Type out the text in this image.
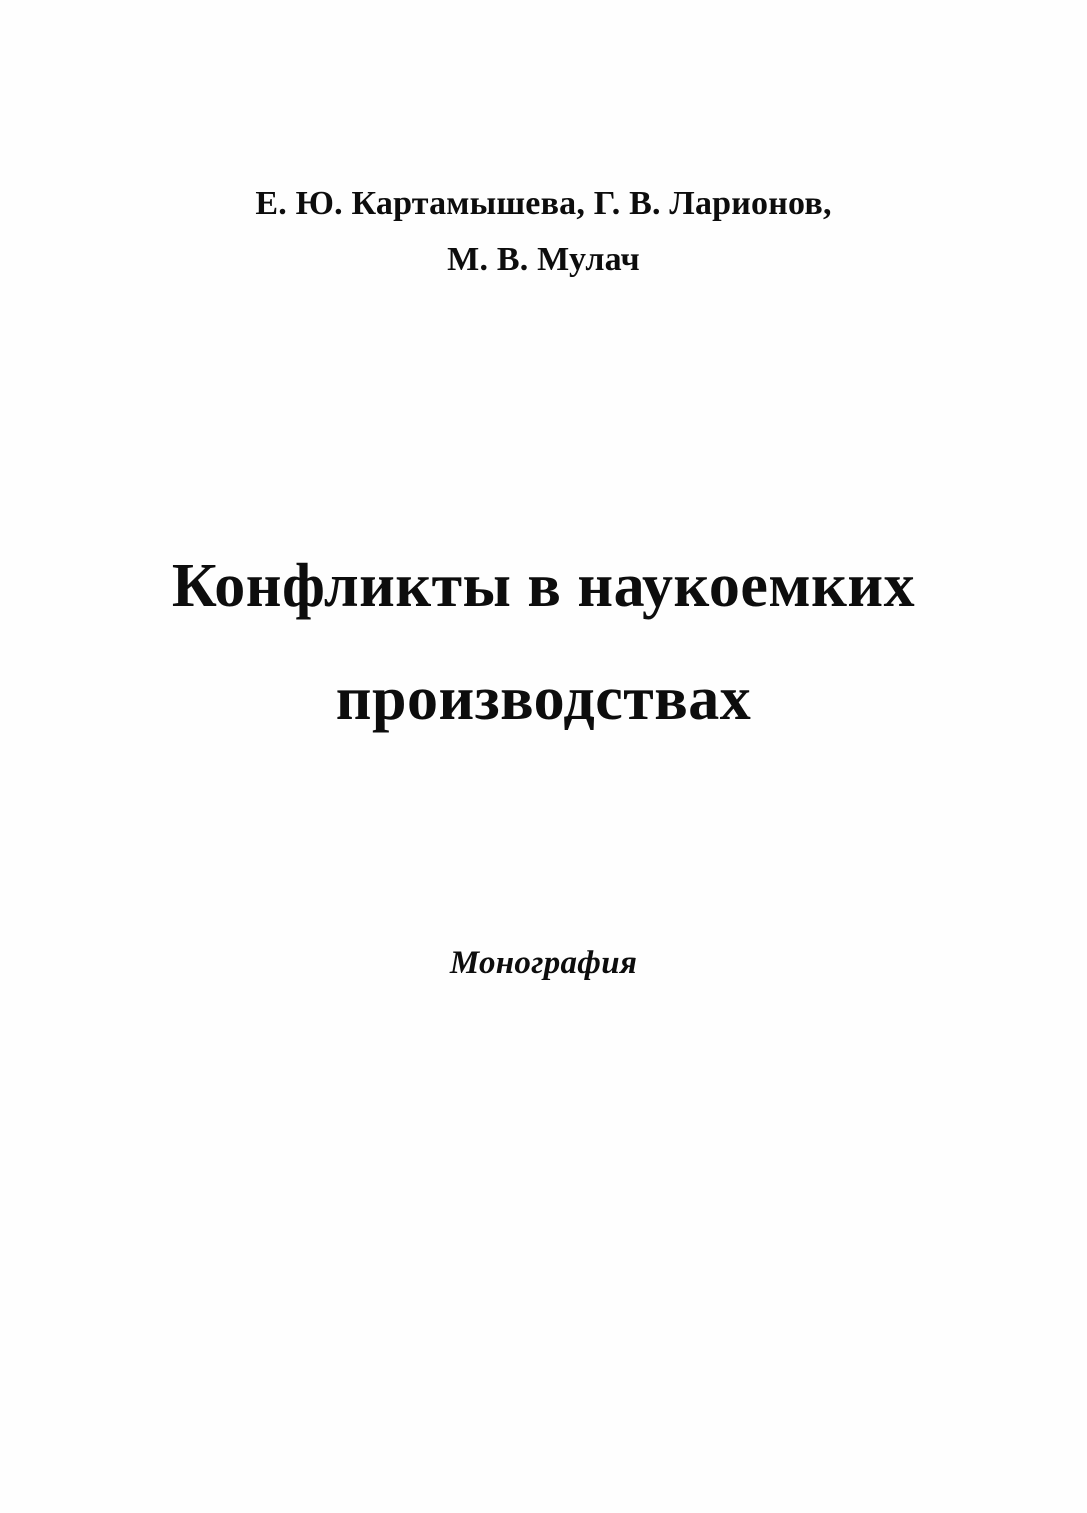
Е. Ю. Картамышева, Г. В. Ларионов,
М. В. Мулач
Конфликты в наукоемких
производствах
Монография
